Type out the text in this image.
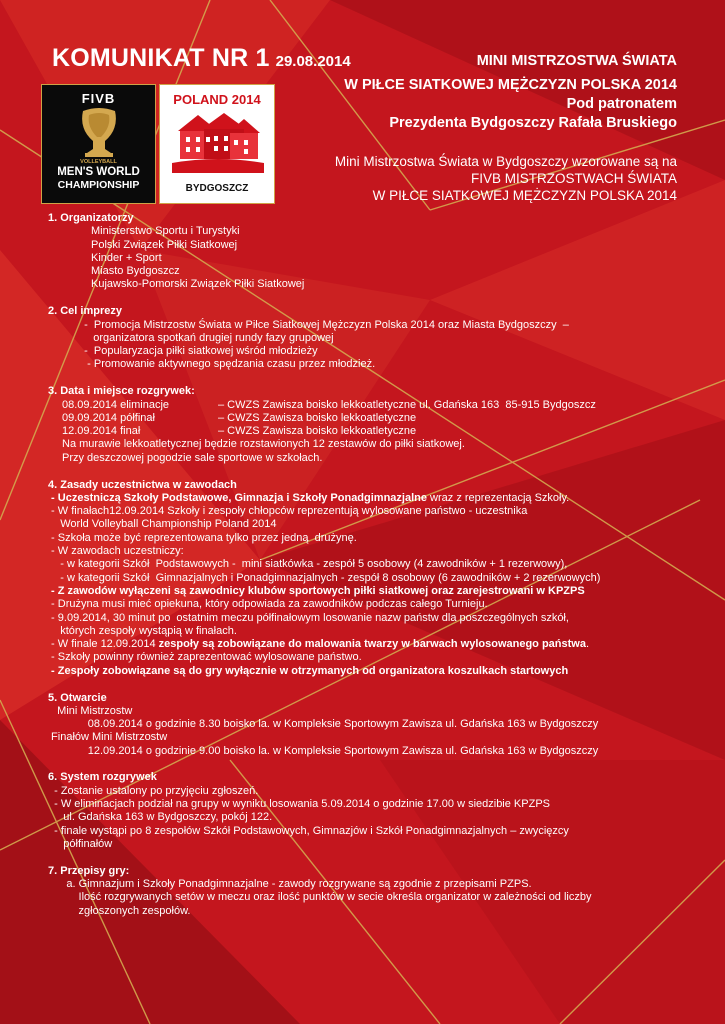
KOMUNIKAT NR 1 29.08.2014	MINI MISTRZOSTWA ŚWIATA
W PIŁCE SIATKOWEJ MĘŻCZYZN POLSKA 2014
Pod patronatem
Prezydenta Bydgoszczy Rafała Bruskiego
Mini Mistrzostwa Świata w Bydgoszczy wzorowane są na
FIVB MISTRZOSTWACH ŚWIATA
W PIŁCE SIATKOWEJ MĘŻCZYZN POLSKA 2014
FIVB
VOLLEYBALL
MEN'S WORLD
CHAMPIONSHIP
POLAND 2014
BYDGOSZCZ

1. Organizatorzy

Ministerstwo Sportu i Turystyki

Polski Związek Piłki Siatkowej

Kinder + Sport

Miasto Bydgoszcz

Kujawsko-Pomorski Związek Piłki Siatkowej

2. Cel imprezy

-  Promocja Mistrzostw Świata w Piłce Siatkowej Mężczyzn Polska 2014 oraz Miasta Bydgoszczy  –

organizatora spotkań drugiej rundy fazy grupowej

-  Popularyzacja piłki siatkowej wśród młodzieży

- Promowanie aktywnego spędzania czasu przez młodzież.

3. Data i miejsce rozgrywek:

08.09.2014 eliminacje	– CWZS Zawisza boisko lekkoatletyczne ul. Gdańska 163  85-915 Bydgoszcz

09.09.2014 półfinał	– CWZS Zawisza boisko lekkoatletyczne

12.09.2014 finał	– CWZS Zawisza boisko lekkoatletyczne

Na murawie lekkoatletycznej będzie rozstawionych 12 zestawów do piłki siatkowej.

Przy deszczowej pogodzie sale sportowe w szkołach.

4. Zasady uczestnictwa w zawodach

- Uczestniczą Szkoły Podstawowe, Gimnazja i Szkoły Ponadgimnazjalne wraz z reprezentacją Szkoły.

- W finałach12.09.2014 Szkoły i zespoły chłopców reprezentują wylosowane państwo - uczestnika

World Volleyball Championship Poland 2014

- Szkoła może być reprezentowana tylko przez jedną  drużynę.

- W zawodach uczestniczy:

- w kategorii Szkół  Podstawowych -  mini siatkówka - zespół 5 osobowy (4 zawodników + 1 rezerwowy),

- w kategorii Szkół  Gimnazjalnych i Ponadgimnazjalnych - zespół 8 osobowy (6 zawodników + 2 rezerwowych)

- Z zawodów wyłączeni są zawodnicy klubów sportowych piłki siatkowej oraz zarejestrowani w KPZPS

- Drużyna musi mieć opiekuna, który odpowiada za zawodników podczas całego Turnieju.

- 9.09.2014, 30 minut po  ostatnim meczu półfinałowym losowanie nazw państw dla poszczególnych szkół,

których zespoły wystąpią w finałach.

- W finale 12.09.2014 zespoły są zobowiązane do malowania twarzy w barwach wylosowanego państwa.

- Szkoły powinny również zaprezentować wylosowane państwo.

- Zespoły zobowiązane są do gry wyłącznie w otrzymanych od organizatora koszulkach startowych

5. Otwarcie

Mini Mistrzostw

08.09.2014 o godzinie 8.30 boisko la. w Kompleksie Sportowym Zawisza ul. Gdańska 163 w Bydgoszczy

Finałów Mini Mistrzostw

12.09.2014 o godzinie 9.00 boisko la. w Kompleksie Sportowym Zawisza ul. Gdańska 163 w Bydgoszczy

6. System rozgrywek

- Zostanie ustalony po przyjęciu zgłoszeń.

- W eliminacjach podział na grupy w wyniku losowania 5.09.2014 o godzinie 17.00 w siedzibie KPZPS

ul. Gdańska 163 w Bydgoszczy, pokój 122.

- finale wystąpi po 8 zespołów Szkół Podstawowych, Gimnazjów i Szkół Ponadgimnazjalnych – zwycięzcy

półfinałów

7. Przepisy gry:

a. Gimnazjum i Szkoły Ponadgimnazjalne - zawody rozgrywane są zgodnie z przepisami PZPS.

Ilość rozgrywanych setów w meczu oraz ilość punktów w secie określa organizator w zależności od liczby

zgłoszonych zespołów.
